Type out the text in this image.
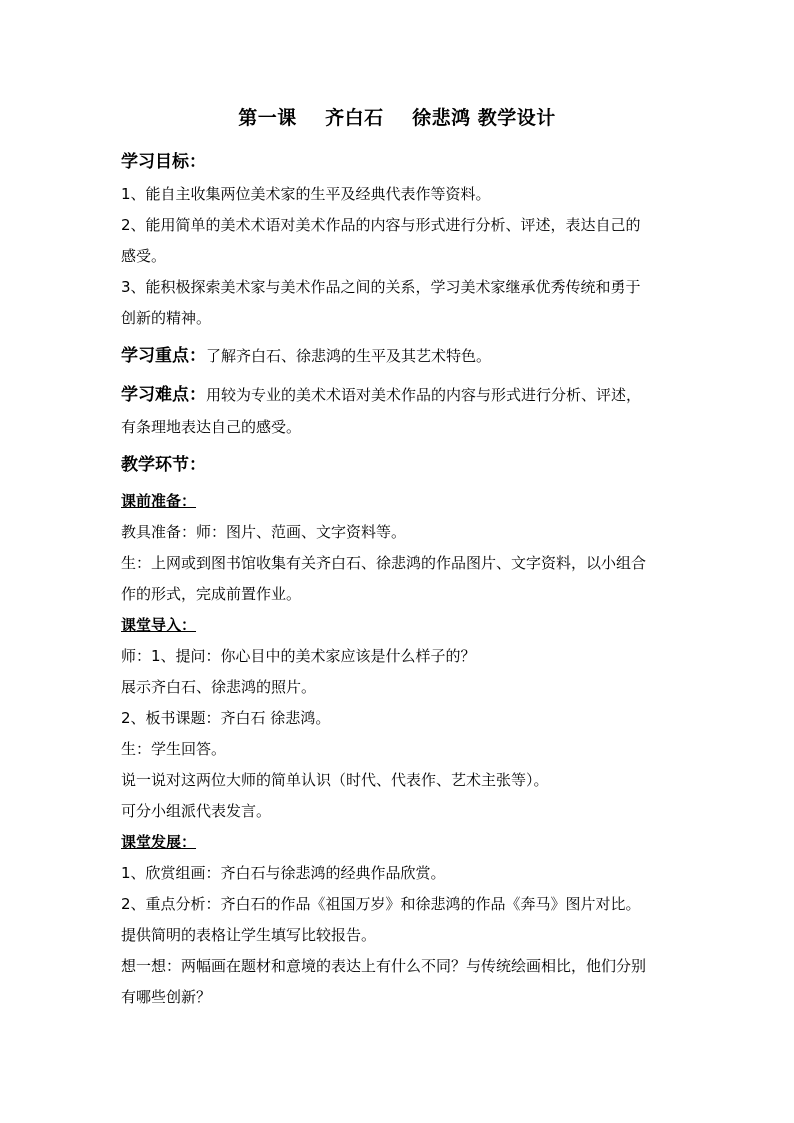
第一课    齐白石    徐悲鸿 教学设计
学习目标：
1、能自主收集两位美术家的生平及经典代表作等资料。
2、能用简单的美术术语对美术作品的内容与形式进行分析、评述，表达自己的
感受。
3、能积极探索美术家与美术作品之间的关系，学习美术家继承优秀传统和勇于
创新的精神。
学习重点：了解齐白石、徐悲鸿的生平及其艺术特色。
学习难点：用较为专业的美术术语对美术作品的内容与形式进行分析、评述，
有条理地表达自己的感受。
教学环节：
课前准备：
教具准备：师：图片、范画、文字资料等。
生：上网或到图书馆收集有关齐白石、徐悲鸿的作品图片、文字资料，以小组合
作的形式，完成前置作业。
课堂导入：
师：1、提问：你心目中的美术家应该是什么样子的？
展示齐白石、徐悲鸿的照片。
2、板书课题：齐白石 徐悲鸿。
生：学生回答。
说一说对这两位大师的简单认识（时代、代表作、艺术主张等）。
可分小组派代表发言。
课堂发展：
1、欣赏组画：齐白石与徐悲鸿的经典作品欣赏。
2、重点分析：齐白石的作品《祖国万岁》和徐悲鸿的作品《奔马》图片对比。
提供简明的表格让学生填写比较报告。
想一想：两幅画在题材和意境的表达上有什么不同？与传统绘画相比，他们分别
有哪些创新？
